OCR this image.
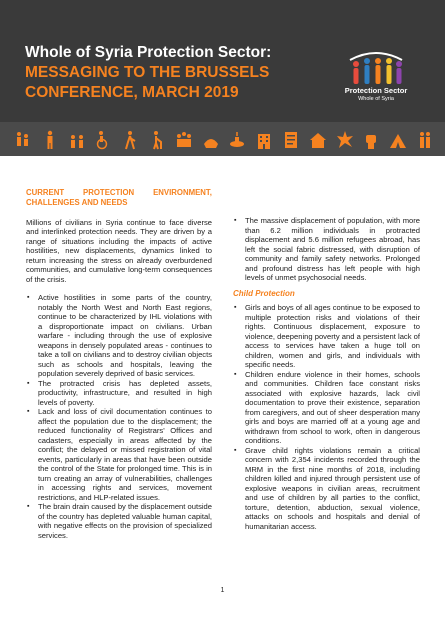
Whole of Syria Protection Sector:
MESSAGING TO THE BRUSSELS
CONFERENCE, MARCH 2019	Protection Sector
Whole of Syria
CURRENT PROTECTION ENVIRONMENT,

CHALLENGES AND NEEDS

Millions of civilians in Syria continue to face diverse and interlinked protection needs. They are driven by a range of situations including the impacts of active hostilities, new displacements, dynamics linked to return increasing the stress on already overburdened communities, and cumulative long-term consequences of the crisis.

▪ Active hostilities in some parts of the country, notably the North West and North East regions, continue to be characterized by IHL violations with a disproportionate impact on civilians. Urban warfare - including through the use of explosive weapons in densely populated areas - continues to take a toll on civilians and to destroy civilian objects such as schools and hospitals, leaving the population severely deprived of basic services.
▪ The protracted crisis has depleted assets, productivity, infrastructure, and resulted in high levels of poverty.
▪ Lack and loss of civil documentation continues to affect the population due to the displacement; the reduced functionality of Registrars' Offices and cadasters, especially in areas affected by the conflict; the delayed or missed registration of vital events, particularly in areas that have been outside the control of the State for prolonged time. This is in turn creating an array of vulnerabilities, challenges in accessing rights and services, movement restrictions, and HLP-related issues.
▪ The brain drain caused by the displacement outside of the country has depleted valuable human capital, with negative effects on the provision of specialized services.
▪ The massive displacement of population, with more than 6.2 million individuals in protracted displacement and 5.6 million refugees abroad, has left the social fabric distressed, with disruption of community and family safety networks. Prolonged and profound distress has left people with high levels of unmet psychosocial needs.
Child Protection
▪ Girls and boys of all ages continue to be exposed to multiple protection risks and violations of their rights. Continuous displacement, exposure to violence, deepening poverty and a persistent lack of access to services have taken a huge toll on children, women and girls, and individuals with specific needs.
▪ Children endure violence in their homes, schools and communities. Children face constant risks associated with explosive hazards, lack civil documentation to prove their existence, separation from caregivers, and out of sheer desperation many girls and boys are married off at a young age and withdrawn from school to work, often in dangerous conditions.
▪ Grave child rights violations remain a critical concern with 2,354 incidents recorded through the MRM in the first nine months of 2018, including children killed and injured through persistent use of explosive weapons in civilian areas, recruitment and use of children by all parties to the conflict, torture, detention, abduction, sexual violence, attacks on schools and hospitals and denial of humanitarian access.
1
